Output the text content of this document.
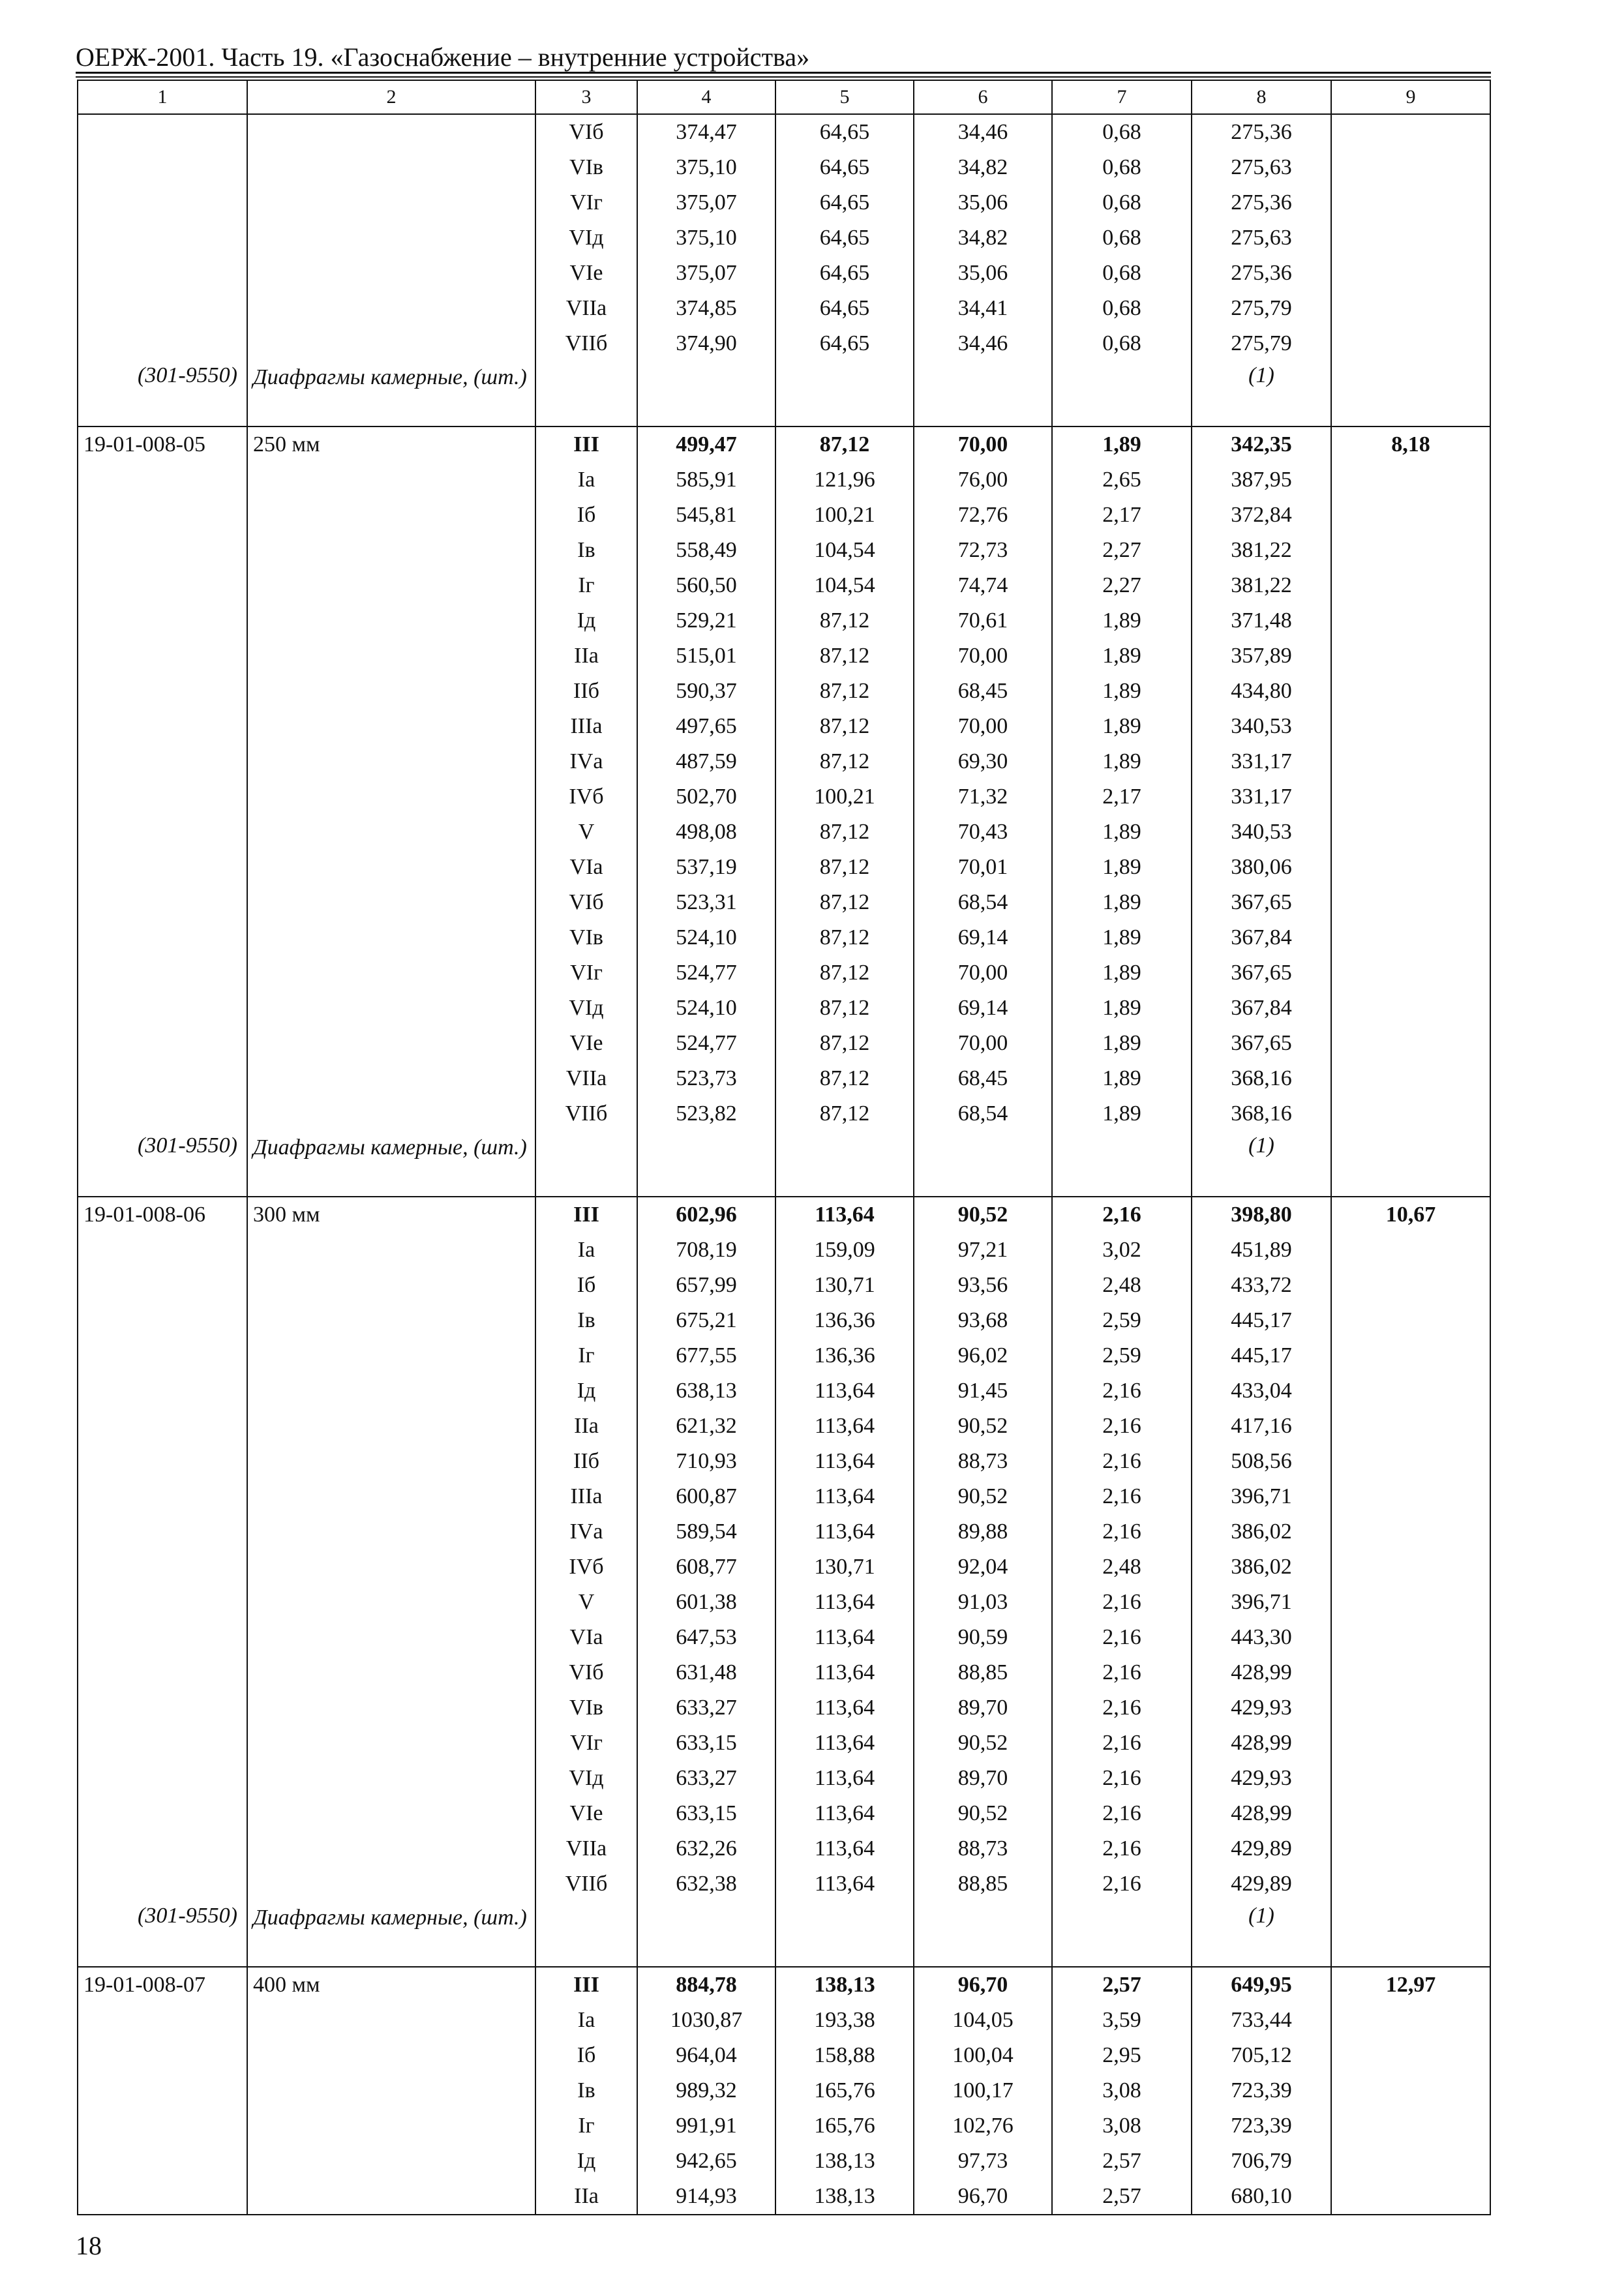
ОЕРЖ-2001. Часть 19. «Газоснабжение – внутренние устройства»
1	2	3	4	5	6	7	8	9
		VIб	374,47	64,65	34,46	0,68	275,36	
		VIв	375,10	64,65	34,82	0,68	275,63	
		VIг	375,07	64,65	35,06	0,68	275,36	
		VIд	375,10	64,65	34,82	0,68	275,63	
		VIе	375,07	64,65	35,06	0,68	275,36	
		VIIа	374,85	64,65	34,41	0,68	275,79	
		VIIб	374,90	64,65	34,46	0,68	275,79	
(301-9550)	Диафрагмы камерные, (шт.)						(1)	
19-01-008-05	250 мм	III	499,47	87,12	70,00	1,89	342,35	8,18
		Iа	585,91	121,96	76,00	2,65	387,95	
		Iб	545,81	100,21	72,76	2,17	372,84	
		Iв	558,49	104,54	72,73	2,27	381,22	
		Iг	560,50	104,54	74,74	2,27	381,22	
		Iд	529,21	87,12	70,61	1,89	371,48	
		IIа	515,01	87,12	70,00	1,89	357,89	
		IIб	590,37	87,12	68,45	1,89	434,80	
		IIIа	497,65	87,12	70,00	1,89	340,53	
		IVа	487,59	87,12	69,30	1,89	331,17	
		IVб	502,70	100,21	71,32	2,17	331,17	
		V	498,08	87,12	70,43	1,89	340,53	
		VIа	537,19	87,12	70,01	1,89	380,06	
		VIб	523,31	87,12	68,54	1,89	367,65	
		VIв	524,10	87,12	69,14	1,89	367,84	
		VIг	524,77	87,12	70,00	1,89	367,65	
		VIд	524,10	87,12	69,14	1,89	367,84	
		VIе	524,77	87,12	70,00	1,89	367,65	
		VIIа	523,73	87,12	68,45	1,89	368,16	
		VIIб	523,82	87,12	68,54	1,89	368,16	
(301-9550)	Диафрагмы камерные, (шт.)						(1)	
19-01-008-06	300 мм	III	602,96	113,64	90,52	2,16	398,80	10,67
		Iа	708,19	159,09	97,21	3,02	451,89	
		Iб	657,99	130,71	93,56	2,48	433,72	
		Iв	675,21	136,36	93,68	2,59	445,17	
		Iг	677,55	136,36	96,02	2,59	445,17	
		Iд	638,13	113,64	91,45	2,16	433,04	
		IIа	621,32	113,64	90,52	2,16	417,16	
		IIб	710,93	113,64	88,73	2,16	508,56	
		IIIа	600,87	113,64	90,52	2,16	396,71	
		IVа	589,54	113,64	89,88	2,16	386,02	
		IVб	608,77	130,71	92,04	2,48	386,02	
		V	601,38	113,64	91,03	2,16	396,71	
		VIа	647,53	113,64	90,59	2,16	443,30	
		VIб	631,48	113,64	88,85	2,16	428,99	
		VIв	633,27	113,64	89,70	2,16	429,93	
		VIг	633,15	113,64	90,52	2,16	428,99	
		VIд	633,27	113,64	89,70	2,16	429,93	
		VIе	633,15	113,64	90,52	2,16	428,99	
		VIIа	632,26	113,64	88,73	2,16	429,89	
		VIIб	632,38	113,64	88,85	2,16	429,89	
(301-9550)	Диафрагмы камерные, (шт.)						(1)	
19-01-008-07	400 мм	III	884,78	138,13	96,70	2,57	649,95	12,97
		Iа	1030,87	193,38	104,05	3,59	733,44	
		Iб	964,04	158,88	100,04	2,95	705,12	
		Iв	989,32	165,76	100,17	3,08	723,39	
		Iг	991,91	165,76	102,76	3,08	723,39	
		Iд	942,65	138,13	97,73	2,57	706,79	
		IIа	914,93	138,13	96,70	2,57	680,10	
18
